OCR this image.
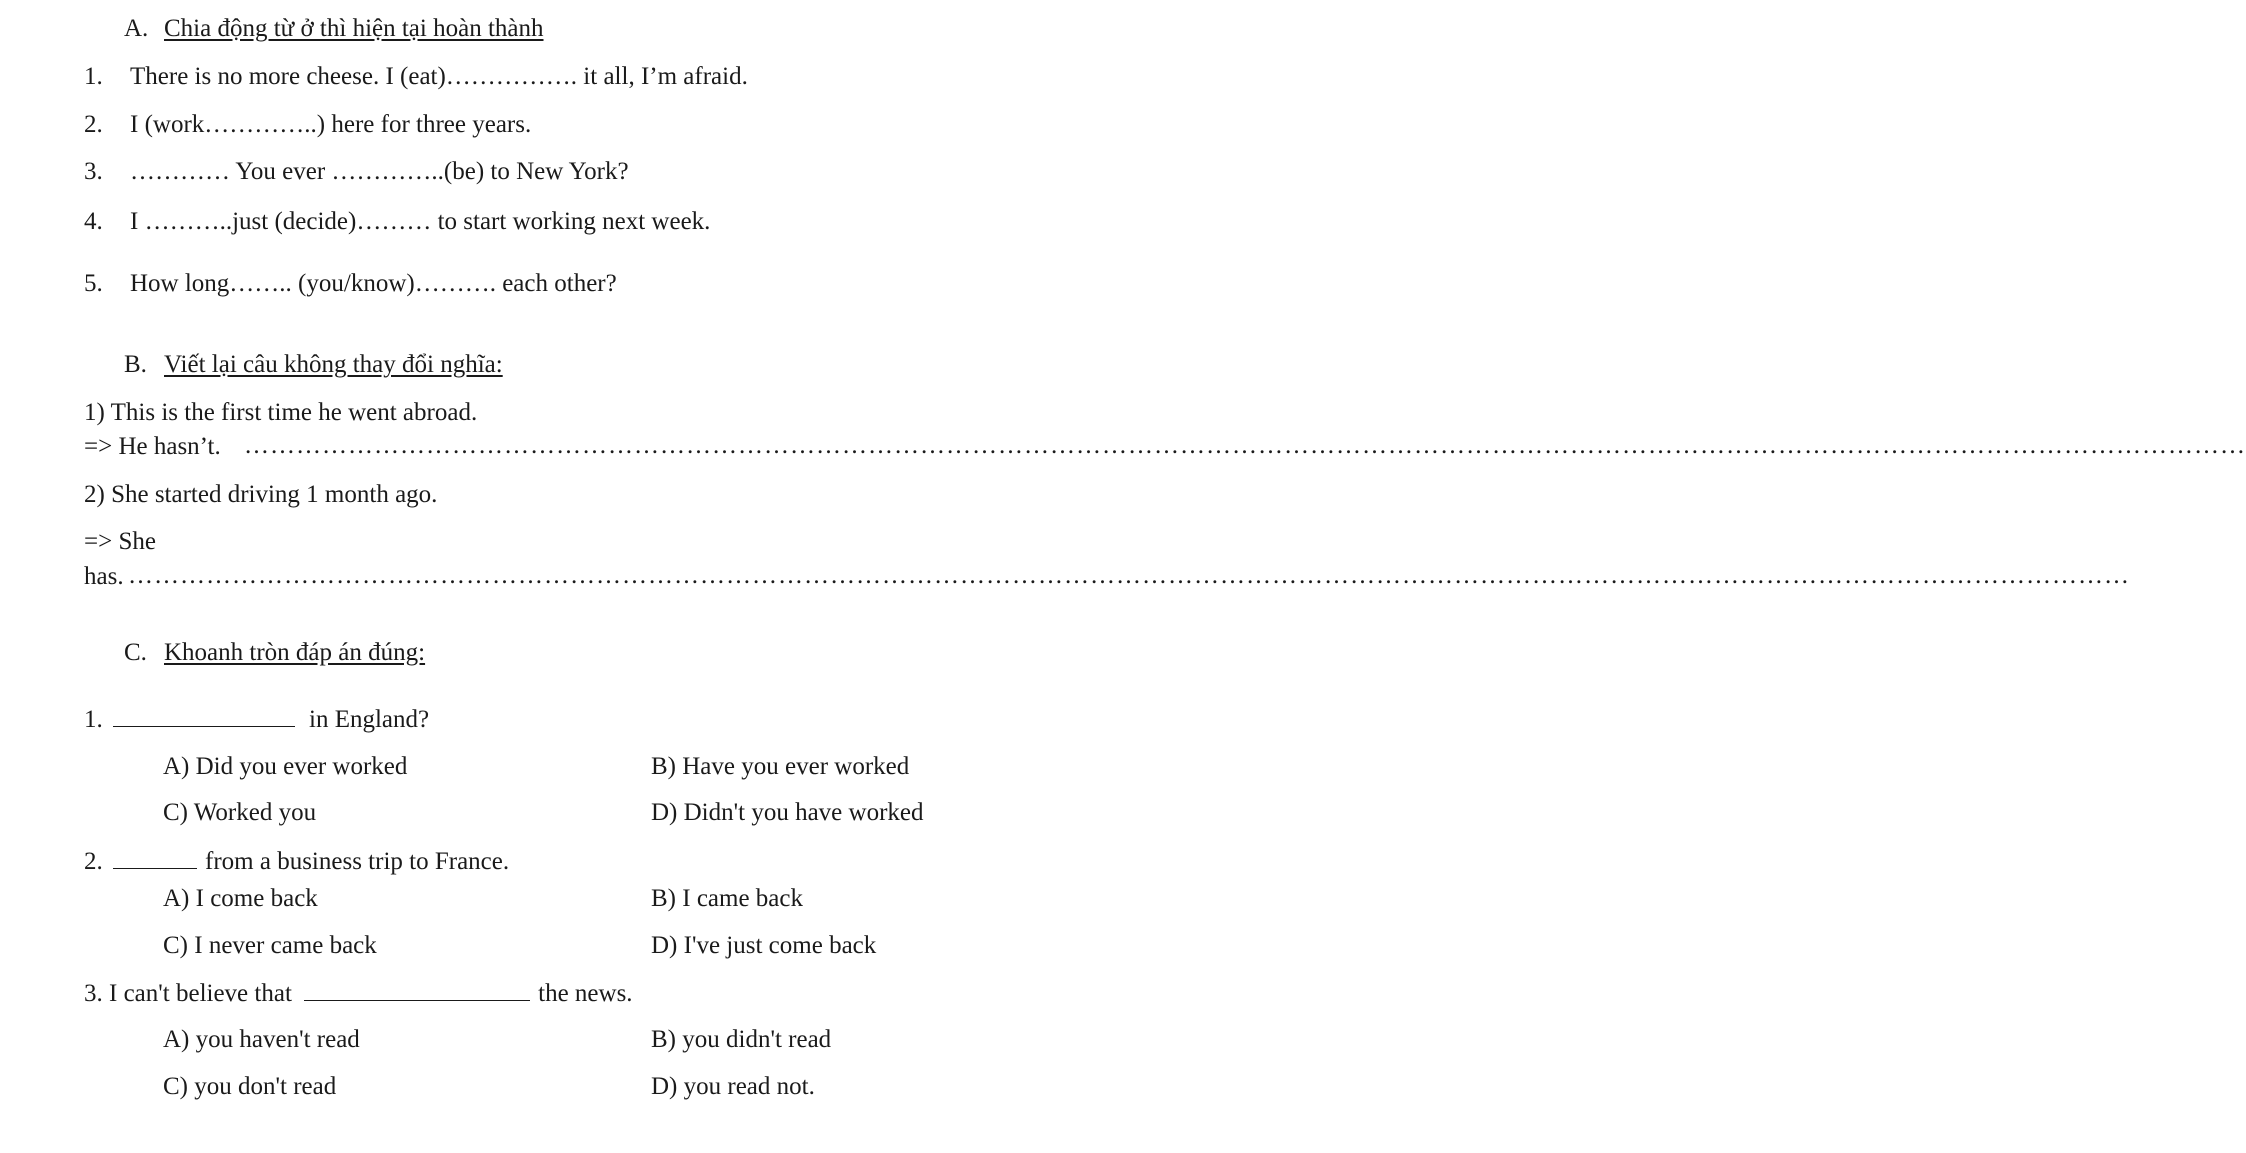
A. Chia động từ ở thì hiện tại hoàn thành
1. There is no more cheese. I (eat)……………. it all, I’m afraid.
2. I (work…………..) here for three years.
3. ………… You ever …………..(be) to New York?
4. I ………..just (decide)……… to start working next week.
5. How long…….. (you/know)………. each other?
B. Viết lại câu không thay đổi nghĩa:
1) This is the first time he went abroad.
=> He hasn’t. ……………………………………………………………………………………………………………………………………………………………………………………………………………
2) She started driving 1 month ago.
=> She
has. ……………………………………………………………………………………………………………………………………………………………………………………………………………
C. Khoanh tròn đáp án đúng:
1.	in England?
A) Did you ever worked	B) Have you ever worked
C) Worked you	D) Didn't you have worked
2.	from a business trip to France.
A) I come back	B) I came back
C) I never came back	D) I've just come back
3. I can't believe that	the news.
A) you haven't read	B) you didn't read
C) you don't read	D) you read not.
